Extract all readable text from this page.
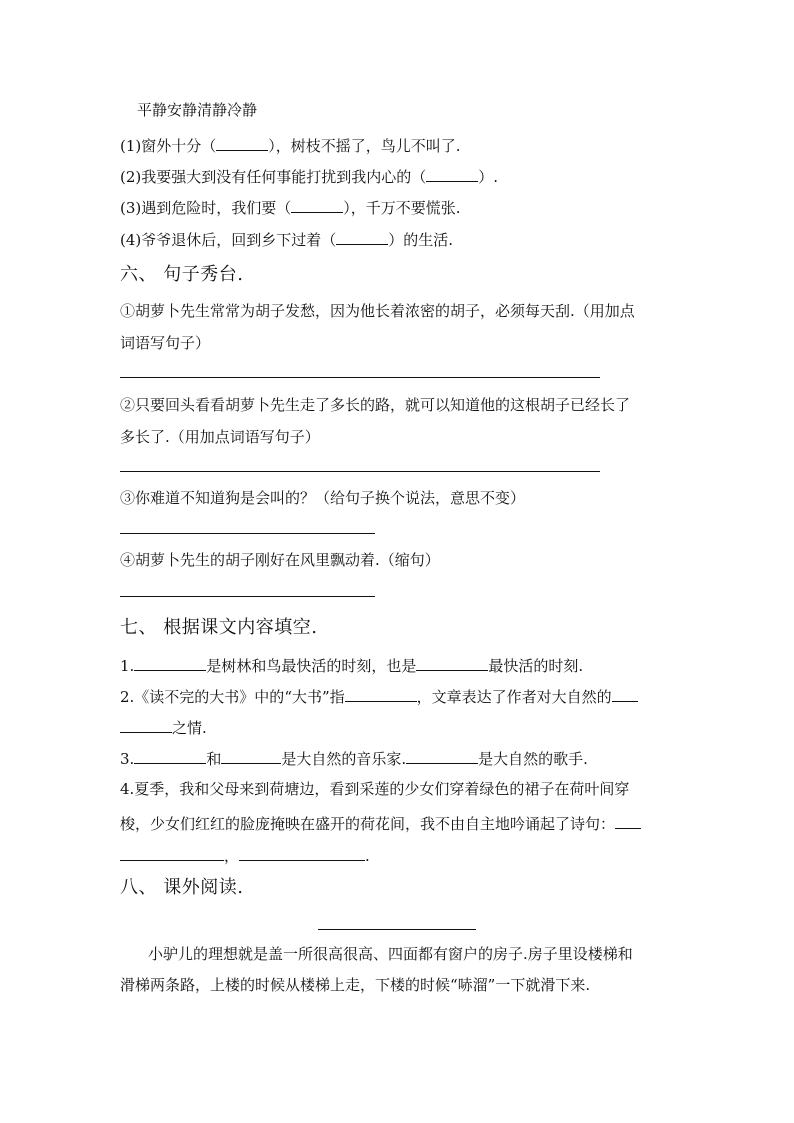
平静安静清静冷静
(1)窗外十分（	），树枝不摇了，鸟儿不叫了.
(2)我要强大到没有任何事能打扰到我内心的（	）.
(3)遇到危险时，我们要（	），千万不要慌张.
(4)爷爷退休后，回到乡下过着（	）的生活.
六、 句子秀台.
①胡萝卜先生常常为胡子发愁，因为他长着浓密的胡子，必须每天刮.（用加点
词语写句子）
②只要回头看看胡萝卜先生走了多长的路，就可以知道他的这根胡子已经长了
多长了.（用加点词语写句子）
③你难道不知道狗是会叫的？（给句子换个说法，意思不变）
④胡萝卜先生的胡子刚好在风里飘动着.（缩句）
七、 根据课文内容填空.
1.	是树林和鸟最快活的时刻，也是	最快活的时刻.
2.《读不完的大书》中的“大书”指	，文章表达了作者对大自然的
之情.
3.	和	是大自然的音乐家.	是大自然的歌手.
4.夏季，我和父母来到荷塘边，看到采莲的少女们穿着绿色的裙子在荷叶间穿
梭，少女们红红的脸庞掩映在盛开的荷花间，我不由自主地吟诵起了诗句：
，	.
八、 课外阅读.
小驴儿的理想就是盖一所很高很高、四面都有窗户的房子.房子里设楼梯和
滑梯两条路，上楼的时候从楼梯上走，下楼的时候“哧溜”一下就滑下来.
